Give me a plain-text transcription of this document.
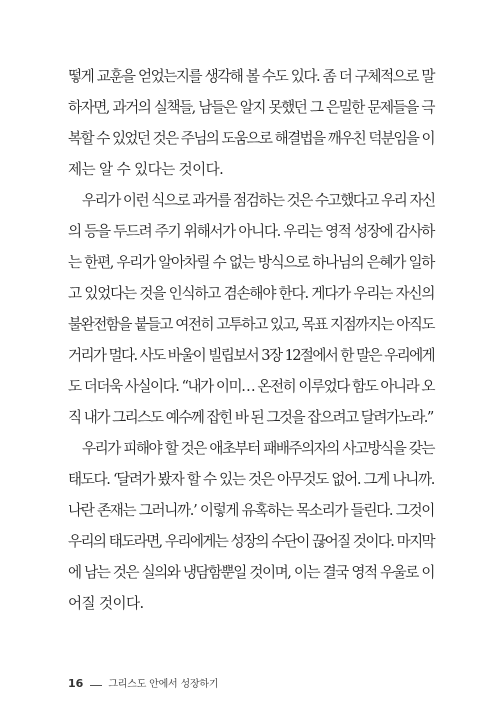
떻게 교훈을 얻었는지를 생각해 볼 수도 있다. 좀 더 구체적으로 말
하자면, 과거의 실책들, 남들은 알지 못했던 그 은밀한 문제들을 극
복할 수 있었던 것은 주님의 도움으로 해결법을 깨우친 덕분임을 이
제는 알 수 있다는 것이다.
우리가 이런 식으로 과거를 점검하는 것은 수고했다고 우리 자신
의 등을 두드려 주기 위해서가 아니다. 우리는 영적 성장에 감사하
는 한편, 우리가 알아차릴 수 없는 방식으로 하나님의 은혜가 일하
고 있었다는 것을 인식하고 겸손해야 한다. 게다가 우리는 자신의
불완전함을 붙들고 여전히 고투하고 있고, 목표 지점까지는 아직도
거리가 멀다. 사도 바울이 빌립보서 3장 12절에서 한 말은 우리에게
도 더더욱 사실이다. “내가 이미… 온전히 이루었다 함도 아니라 오
직 내가 그리스도 예수께 잡힌 바 된 그것을 잡으려고 달려가노라.”
우리가 피해야 할 것은 애초부터 패배주의자의 사고방식을 갖는
태도다. ‘달려가 봤자 할 수 있는 것은 아무것도 없어. 그게 나니까.
나란 존재는 그러니까.’ 이렇게 유혹하는 목소리가 들린다. 그것이
우리의 태도라면, 우리에게는 성장의 수단이 끊어질 것이다. 마지막
에 남는 것은 실의와 냉담함뿐일 것이며, 이는 결국 영적 우울로 이
어질 것이다.
16	그리스도 안에서 성장하기
